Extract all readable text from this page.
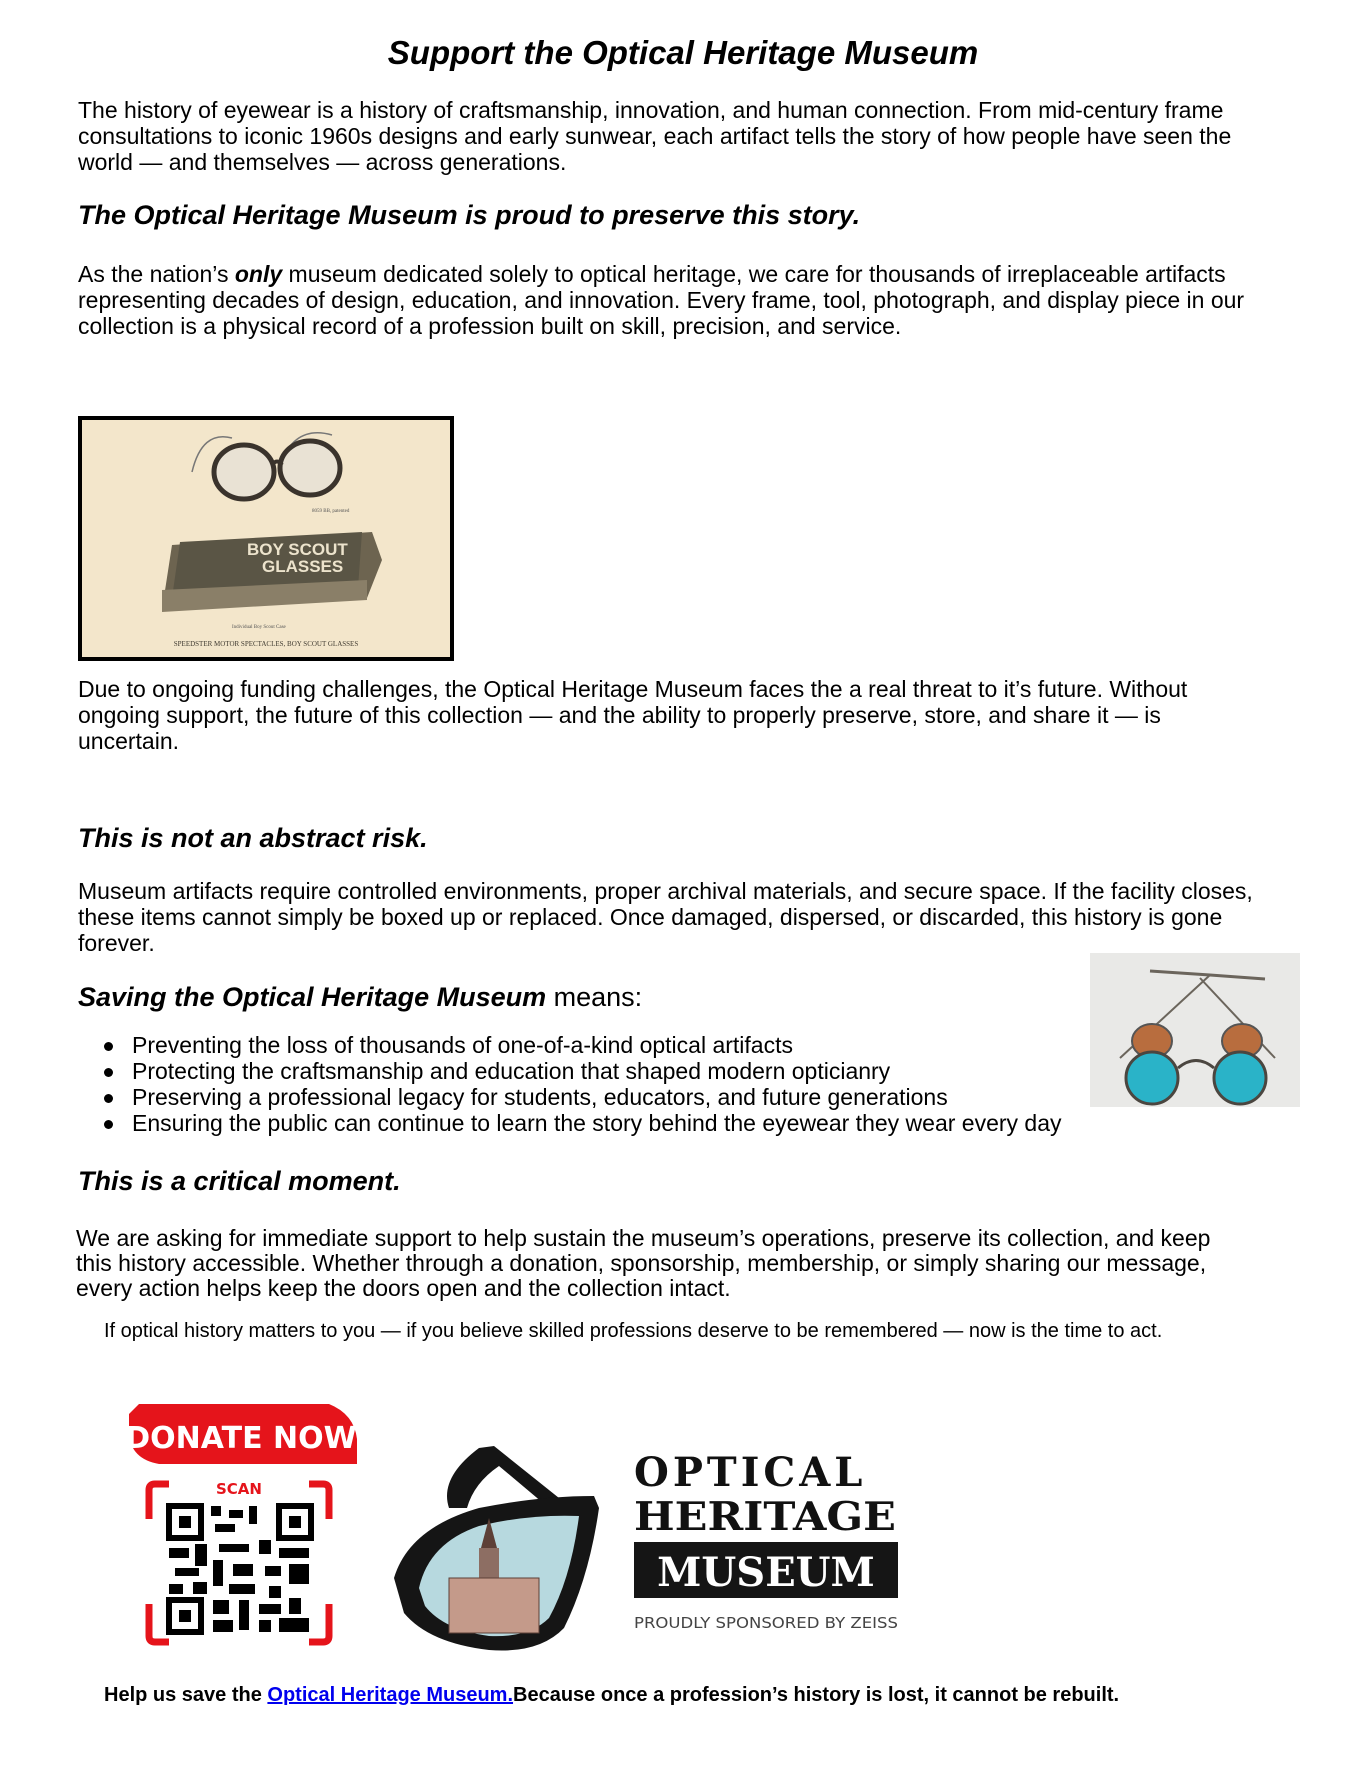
Support the Optical Heritage Museum
The history of eyewear is a history of craftsmanship, innovation, and human connection. From mid-century frame consultations to iconic 1960s designs and early sunwear, each artifact tells the story of how people have seen the world — and themselves — across generations.
The Optical Heritage Museum is proud to preserve this story.
As the nation’s only museum dedicated solely to optical heritage, we care for thousands of irreplaceable artifacts representing decades of design, education, and innovation. Every frame, tool, photograph, and display piece in our collection is a physical record of a profession built on skill, precision, and service.
8059 BB, patented
BOY SCOUT
GLASSES
Individual Boy Scout Case
SPEEDSTER MOTOR SPECTACLES, BOY SCOUT GLASSES
Due to ongoing funding challenges, the Optical Heritage Museum faces the a real threat to it’s future. Without ongoing support, the future of this collection — and the ability to properly preserve, store, and share it — is uncertain.
This is not an abstract risk.
Museum artifacts require controlled environments, proper archival materials, and secure space. If the facility closes, these items cannot simply be boxed up or replaced. Once damaged, dispersed, or discarded, this history is gone forever.
Saving the Optical Heritage Museum means:
Preventing the loss of thousands of one-of-a-kind optical artifacts
Protecting the craftsmanship and education that shaped modern opticianry
Preserving a professional legacy for students, educators, and future generations
Ensuring the public can continue to learn the story behind the eyewear they wear every day
This is a critical moment.
We are asking for immediate support to help sustain the museum’s operations, preserve its collection, and keep this history accessible. Whether through a donation, sponsorship, membership, or simply sharing our message, every action helps keep the doors open and the collection intact.
If optical history matters to you — if you believe skilled professions deserve to be remembered — now is the time to act.
DONATE NOW
SCAN	OPTICAL
HERITAGE
MUSEUM
PROUDLY SPONSORED BY ZEISS
Help us save the Optical Heritage Museum.Because once a profession’s history is lost, it cannot be rebuilt.
